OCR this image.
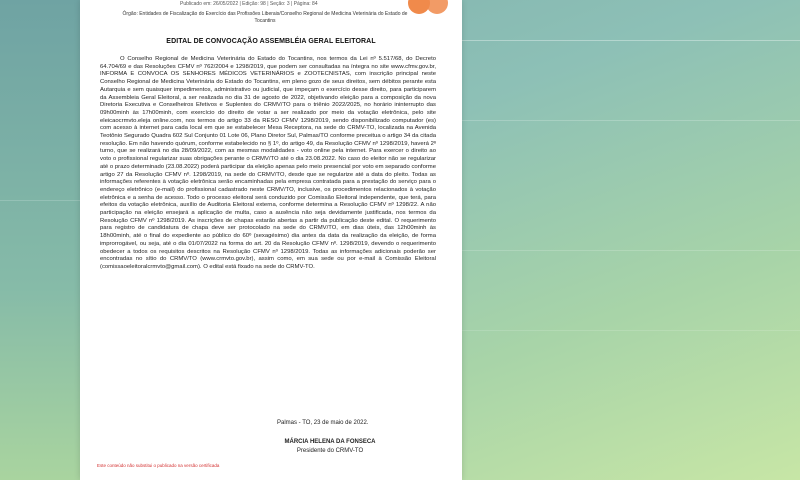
Publicado em: 26/05/2022 | Edição: 98 | Seção: 3 | Página: 84
Órgão: Entidades de Fiscalização do Exercício das Profissões Liberais/Conselho Regional de Medicina Veterinária do Estado de Tocantins
EDITAL DE CONVOCAÇÃO ASSEMBLÉIA GERAL ELEITORAL
O Conselho Regional de Medicina Veterinária do Estado do Tocantins, nos termos da Lei nº 5.517/68, do Decreto 64.704/69 e das Resoluções CFMV nº 762/2004 e 1298/2019, que podem ser consultadas na íntegra no site www.cfmv.gov.br, INFORMA E CONVOCA OS SENHORES MÉDICOS VETERINÁRIOS e ZOOTECNISTAS, com inscrição principal neste Conselho Regional de Medicina Veterinária do Estado do Tocantins, em pleno gozo de seus direitos, sem débitos perante esta Autarquia e sem quaisquer impedimentos, administrativo ou judicial, que impeçam o exercício desse direito, para participarem da Assembleia Geral Eleitoral, a ser realizada no dia 31 de agosto de 2022, objetivando eleição para a composição da nova Diretoria Executiva e Conselheiros Efetivos e Suplentes do CRMV/TO para o triênio 2022/2025, no horário ininterrupto das 09h00minh às 17h00minh, com exercício do direito de votar a ser realizado por meio da votação eletrônica, pelo site eleicaocrmvto.eleja online.com, nos termos do artigo 33 da RESO CFMV 1298/2019, sendo disponibilizado computador (es) com acesso à internet para cada local em que se estabelecer Mesa Receptora, na sede do CRMV-TO, localizada na Avenida Teotônio Segurado Quadra 602 Sul Conjunto 01 Lote 06, Plano Diretor Sul, Palmas/TO conforme preceitua o artigo 34 da citada resolução. Em não havendo quórum, conforme estabelecido no § 1º, do artigo 49, da Resolução CFMV nº 1298/2019, haverá 2º turno, que se realizará no dia 28/09/2022, com as mesmas modalidades - voto online pela internet. Para exercer o direito ao voto o profissional regularizar suas obrigações perante o CRMV/TO até o dia 23.08.2022. No caso do eleitor não se regularizar até o prazo determinado (23.08.2022) poderá participar da eleição apenas pelo meio presencial por voto em separado conforme artigo 27 da Resolução CFMV nº. 1298/2019, na sede do CRMV/TO, desde que se regularize até a data do pleito. Todas as informações referentes à votação eletrônica serão encaminhadas pela empresa contratada para a prestação do serviço para o endereço eletrônico (e-mail) do profissional cadastrado neste CRMV/TO, inclusive, os procedimentos relacionados à votação eletrônica e a senha de acesso. Todo o processo eleitoral será conduzido por Comissão Eleitoral independente, que terá, para efeitos da votação eletrônica, auxílio de Auditoria Eleitoral externa, conforme determina a Resolução CFMV nº 1298/22. A não participação na eleição ensejará a aplicação de multa, caso a ausência não seja devidamente justificada, nos termos da Resolução CFMV nº 1298/2019. As inscrições de chapas estarão abertas a partir da publicação deste edital. O requerimento para registro de candidatura de chapa deve ser protocolado na sede do CRMV/TO, em dias úteis, das 12h00minh às 18h00minh, até o final do expediente ao público do 60º (sexagésimo) dia antes da data da realização da eleição, de forma improrrogável, ou seja, até o dia 01/07/2022 na forma do art. 20 da Resolução CFMV nº. 1298/2019, devendo o requerimento obedecer a todos os requisitos descritos na Resolução CFMV nº 1298/2019. Todas as informações adicionais poderão ser encontradas no sítio do CRMV/TO (www.crmvto.gov.br), assim como, em sua sede ou por e-mail à Comissão Eleitoral (comissaoeleitoralcrmvto@gmail.com). O edital está fixado na sede do CRMV-TO.
Palmas - TO, 23 de maio de 2022.
MÁRCIA HELENA DA FONSECA
Presidente do CRMV-TO
Este conteúdo não substitui o publicado na versão certificada
